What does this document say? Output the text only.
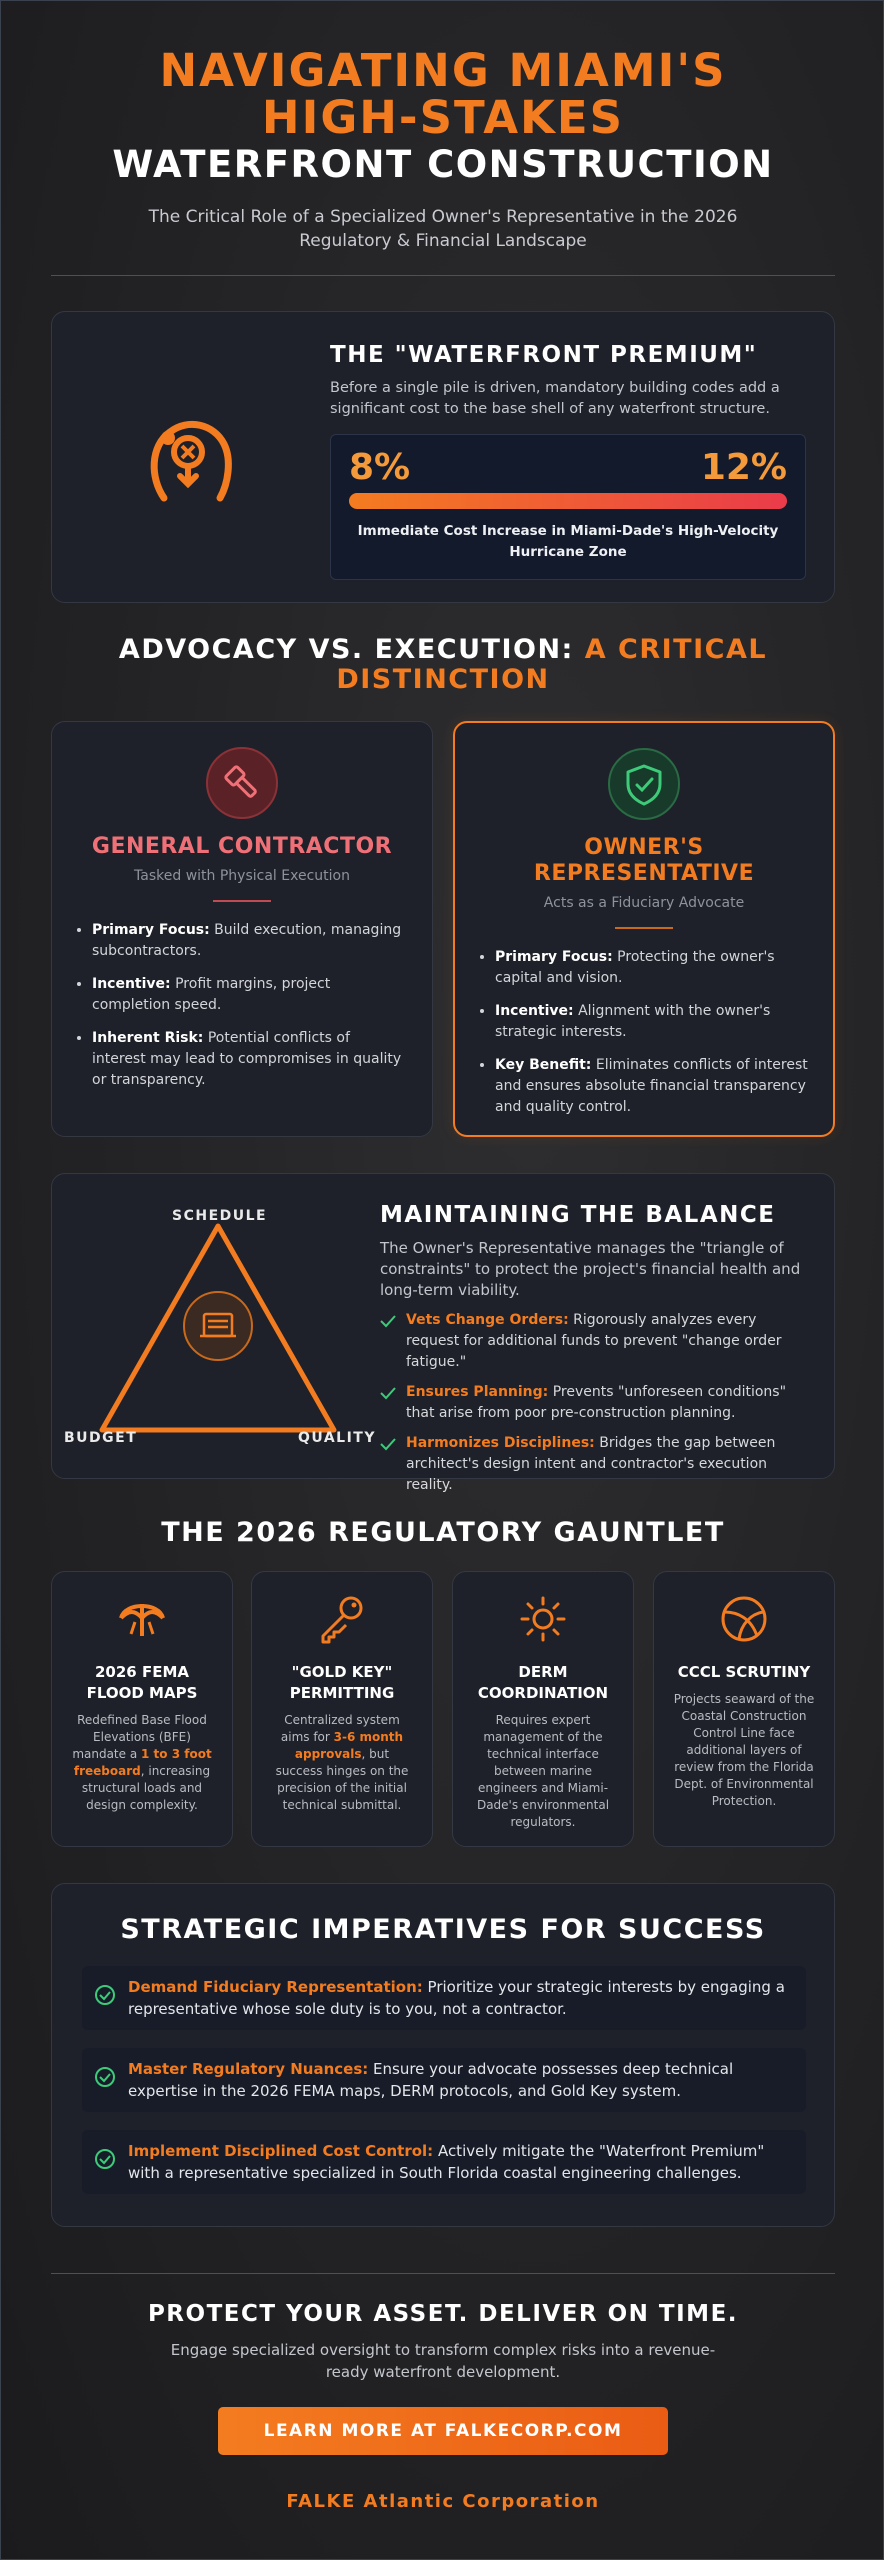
NAVIGATING MIAMI'S HIGH-STAKES
WATERFRONT CONSTRUCTION

The Critical Role of a Specialized Owner's Representative in the 2026 Regulatory & Financial Landscape

THE "WATERFRONT PREMIUM"
Before a single pile is driven, mandatory building codes add a significant cost to the base shell of any waterfront structure.
8%	12%
Immediate Cost Increase in Miami-Dade's High-Velocity Hurricane Zone
ADVOCACY VS. EXECUTION: A CRITICAL DISTINCTION
GENERAL CONTRACTOR
Tasked with Physical Execution
• Primary Focus: Build execution, managing subcontractors.
• Incentive: Profit margins, project completion speed.
• Inherent Risk: Potential conflicts of interest may lead to compromises in quality or transparency.
OWNER'S REPRESENTATIVE
Acts as a Fiduciary Advocate
• Primary Focus: Protecting the owner's capital and vision.
• Incentive: Alignment with the owner's strategic interests.
• Key Benefit: Eliminates conflicts of interest and ensures absolute financial transparency and quality control.
SCHEDULE
BUDGET	QUALITY
MAINTAINING THE BALANCE
The Owner's Representative manages the "triangle of constraints" to protect the project's financial health and long-term viability.
Vets Change Orders: Rigorously analyzes every request for additional funds to prevent "change order fatigue."
Ensures Planning: Prevents "unforeseen conditions" that arise from poor pre-construction planning.
Harmonizes Disciplines: Bridges the gap between architect's design intent and contractor's execution reality.
THE 2026 REGULATORY GAUNTLET
2026 FEMA FLOOD MAPS

Redefined Base Flood Elevations (BFE) mandate a 1 to 3 foot freeboard, increasing structural loads and design complexity.

"GOLD KEY" PERMITTING

Centralized system aims for 3-6 month approvals, but success hinges on the precision of the initial technical submittal.

DERM COORDINATION

Requires expert management of the technical interface between marine engineers and Miami-Dade's environmental regulators.

CCCL SCRUTINY

Projects seaward of the Coastal Construction Control Line face additional layers of review from the Florida Dept. of Environmental Protection.

STRATEGIC IMPERATIVES FOR SUCCESS
Demand Fiduciary Representation: Prioritize your strategic interests by engaging a representative whose sole duty is to you, not a contractor.
Master Regulatory Nuances: Ensure your advocate possesses deep technical expertise in the 2026 FEMA maps, DERM protocols, and Gold Key system.
Implement Disciplined Cost Control: Actively mitigate the "Waterfront Premium" with a representative specialized in South Florida coastal engineering challenges.
PROTECT YOUR ASSET. DELIVER ON TIME.

Engage specialized oversight to transform complex risks into a revenue-ready waterfront development.

LEARN MORE AT FALKECORP.COM
FALKE Atlantic Corporation
